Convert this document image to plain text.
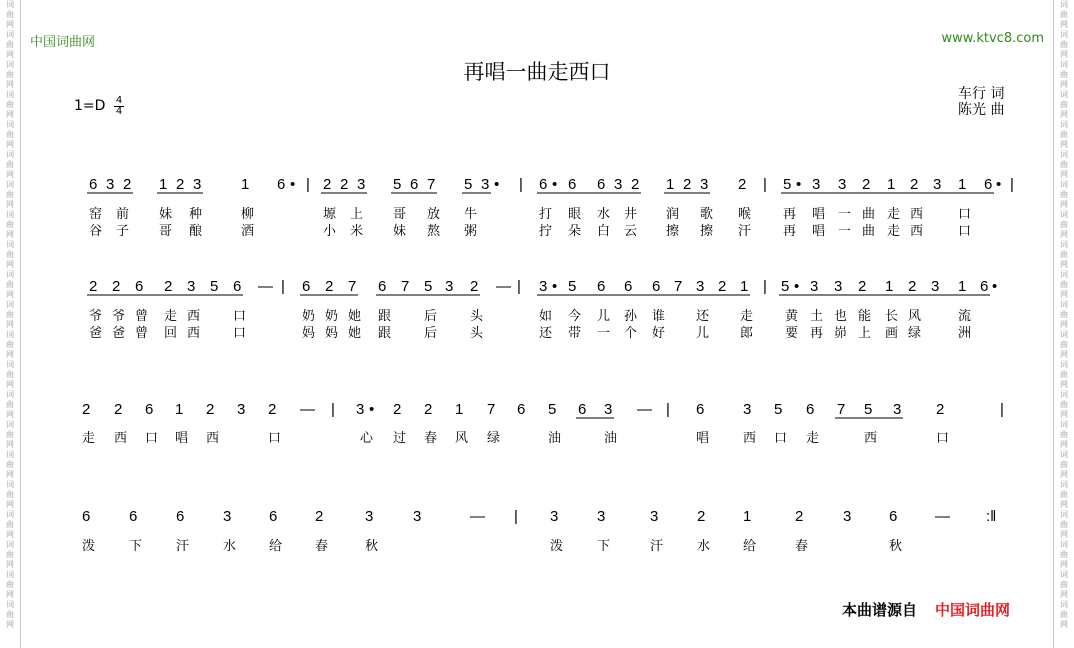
词曲网词曲网词曲网词曲网词曲网词曲网词曲网词曲网词曲网词曲网词曲网词曲网词曲网词曲网词曲网词曲网词曲网词曲网词曲网词曲网词曲网
词曲网词曲网词曲网词曲网词曲网词曲网词曲网词曲网词曲网词曲网词曲网词曲网词曲网词曲网词曲网词曲网词曲网词曲网词曲网词曲网词曲网
中国词曲网	www.ktvc8.com
再唱一曲走西口
1=D 4
4
车行 词
陈光 曲
6 3 2 1 2 3	1 6 • | 2 2 3 5 6 7 5 3 • | 6 • 6 6 3 2 1 2 3 2 | 5 • 3 3 2 1 2 3 1 6 • |
窑 前 妹 种	柳	塬 上 哥 放 牛	打 眼 水 井 润 歌 喉 再 唱 一 曲 走 西	口
谷 子 哥 酿	酒	小 米 妹 熬 粥	拧 朵 白 云 擦 擦 汗 再 唱 一 曲 走 西	口
2 2 6 2 3 5 6 — | 6 2 7 6 7 5 3 2 — | 3 • 5 6 6 6 7 3 2 1 | 5 • 3 3 2 1 2 3 1 6 •
爷 爷 曾 走 西	口	奶 奶 她 跟	后	头	如 今 儿 孙 谁 还 走 黄 土 也 能 长 风	流
爸 爸 曾 回 西	口	妈 妈 她 跟	后	头	还 带 一 个 好 儿 郎 要 再 峁 上 画 绿	洲
2 2 6 1 2 3 2 — | 3 • 2 2 1 7 6 5 6 3 — | 6	3 5 6 7 5 3 2	|
走 西 口 唱 西	口	心 过 春 风 绿	油	油	唱	西 口 走	西	口
6	6	6	3	6	2	3	3	— | 3	3	3	2	1	2	3	6	— :‖
泼	下	汗	水	给	春	秋	泼	下	汗	水	给	春	秋
本曲谱源自 中国词曲网
